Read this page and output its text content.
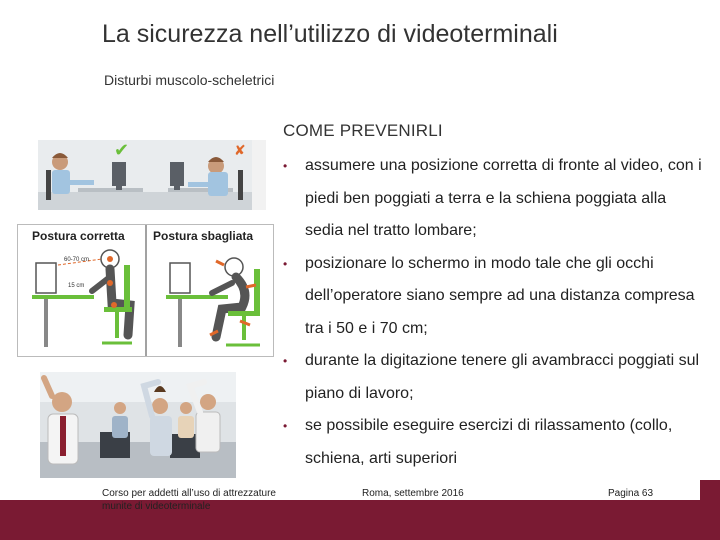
La sicurezza nell’utilizzo di videoterminali
Disturbi muscolo-scheletrici
✔	✘
Postura corretta Postura sbagliata
60-70 cm
15 cm
COME PREVENIRLI
• assumere una posizione corretta di fronte al video, con i piedi ben poggiati a terra e la schiena poggiata alla sedia nel tratto lombare;
• posizionare lo schermo in modo tale che gli occhi dell’operatore siano sempre ad una distanza compresa tra i 50 e i 70 cm;
• durante la digitazione tenere gli avambracci poggiati sul piano di lavoro;
• se possibile eseguire esercizi di rilassamento (collo, schiena, arti superiori
Corso per addetti all’uso di attrezzature
munite di videoterminale
Roma, settembre 2016	Pagina 63
